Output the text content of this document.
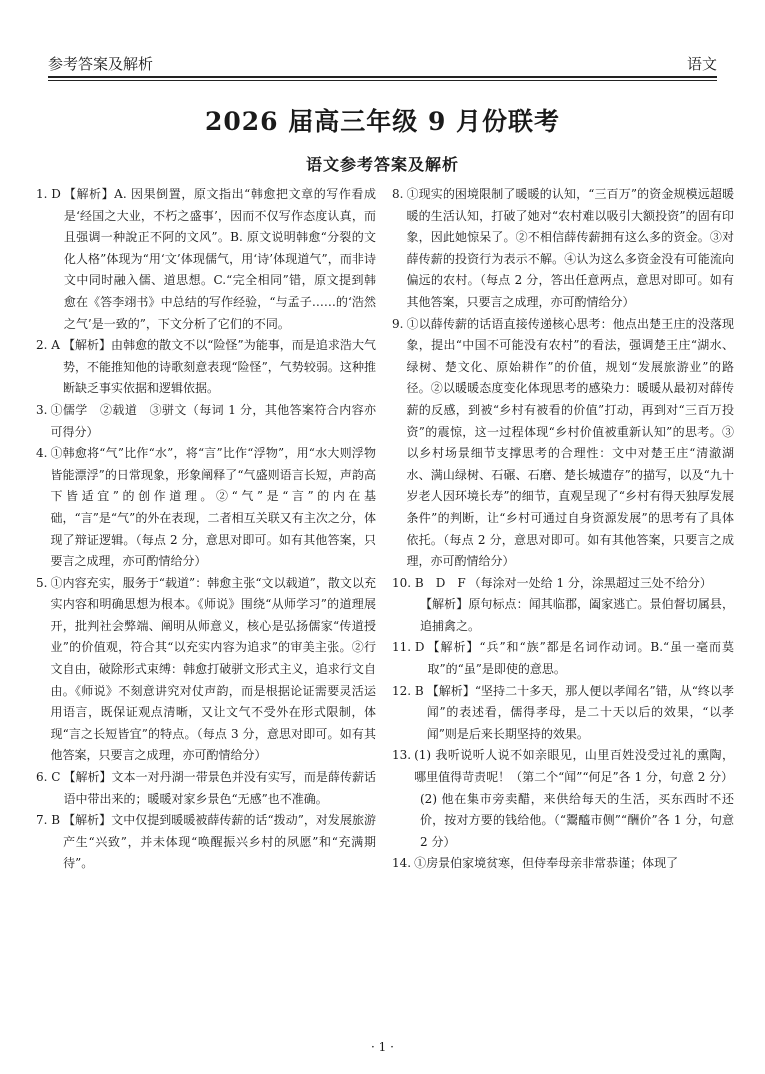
参考答案及解析	语文
2026 届高三年级 9 月份联考
语文参考答案及解析
1. D 【解析】A. 因果倒置，原文指出“韩愈把文章的写作看成是‘经国之大业，不朽之盛事’，因而不仅写作态度认真，而且强调一种說正不阿的文风”。B. 原文说明韩愈“分裂的文化人格”体现为“用‘文’体现儒气，用‘诗’体现道气”，而非诗文中同时融入儒、道思想。C.“完全相同”错，原文提到韩愈在《答李翊书》中总结的写作经验，“与孟子……的‘浩然之气’是一致的”，下文分析了它们的不同。
2. A 【解析】由韩愈的散文不以“险怪”为能事，而是追求浩大气势，不能推知他的诗歌刻意表现“险怪”，气势较弱。这种推断缺乏事实依据和逻辑依据。
3. ①儒学　②载道　③骈文（每词 1 分，其他答案符合内容亦可得分）
4. ①韩愈将“气”比作“水”，将“言”比作“浮物”，用“水大则浮物皆能漂浮”的日常现象，形象阐释了“气盛则语言长短，声韵高下皆适宜”的创作道理。②“气”是“言”的内在基础，“言”是“气”的外在表现，二者相互关联又有主次之分，体现了辩证逻辑。（每点 2 分，意思对即可。如有其他答案，只要言之成理，亦可酌情给分）
5. ①内容充实，服务于“载道”：韩愈主张“文以载道”，散文以充实内容和明确思想为根本。《师说》围绕“从师学习”的道理展开，批判社会弊端、阐明从师意义，核心是弘扬儒家“传道授业”的价值观，符合其“以充实内容为追求”的审美主张。②行文自由，破除形式束缚：韩愈打破骈文形式主义，追求行文自由。《师说》不刻意讲究对仗声韵，而是根据论证需要灵活运用语言，既保证观点清晰，又让文气不受外在形式限制，体现“言之长短皆宜”的特点。（每点 3 分，意思对即可。如有其他答案，只要言之成理，亦可酌情给分）
6. C 【解析】文本一对丹湖一带景色并没有实写，而是薛传薪话语中带出来的；暖暖对家乡景色“无感”也不准确。
7. B 【解析】文中仅提到暖暖被薛传薪的话“拨动”，对发展旅游产生“兴致”，并未体现“唤醒振兴乡村的夙愿”和“充满期待”。
8. ①现实的困境限制了暖暖的认知，“三百万”的资金规模远超暖暖的生活认知，打破了她对“农村难以吸引大额投资”的固有印象，因此她惊呆了。②不相信薛传薪拥有这么多的资金。③对薛传薪的投资行为表示不解。④认为这么多资金没有可能流向偏远的农村。（每点 2 分，答出任意两点，意思对即可。如有其他答案，只要言之成理，亦可酌情给分）
9. ①以薛传薪的话语直接传递核心思考：他点出楚王庄的没落现象，提出“中国不可能没有农村”的看法，强调楚王庄“湖水、绿树、楚文化、原始耕作”的价值，规划“发展旅游业”的路径。②以暖暖态度变化体现思考的感染力：暖暖从最初对薛传薪的反感，到被“乡村有被看的价值”打动，再到对“三百万投资”的震惊，这一过程体现“乡村价值被重新认知”的思考。③以乡村场景细节支撑思考的合理性：文中对楚王庄“清澈湖水、满山绿树、石碾、石磨、楚长城遗存”的描写，以及“九十岁老人因环境长寿”的细节，直观呈现了“乡村有得天独厚发展条件”的判断，让“乡村可通过自身资源发展”的思考有了具体依托。（每点 2 分，意思对即可。如有其他答案，只要言之成理，亦可酌情给分）
10. B　D　F （每涂对一处给 1 分，涂黑超过三处不给分）
【解析】原句标点：闻其临郡，阖家逃亡。景伯督切属县，追捕禽之。
11. D 【解析】“兵”和“族”都是名词作动词。B.“虽一毫而莫取”的“虽”是即使的意思。
12. B 【解析】“坚持二十多天，那人便以孝闻名”错，从“终以孝闻”的表述看，儒得孝母，是二十天以后的效果，“以孝闻”则是后来长期坚持的效果。
13. (1) 我听说听人说不如亲眼见，山里百姓没受过礼的熏陶，哪里值得苛责呢！（第二个“闻”“何足”各 1 分，句意 2 分）
(2) 他在集市旁卖醋，来供给每天的生活，买东西时不还价，按对方要的钱给他。（“鬻醯市侧”“酬价”各 1 分，句意 2 分）
14. ①房景伯家境贫寒，但侍奉母亲非常恭谨；体现了
· 1 ·
